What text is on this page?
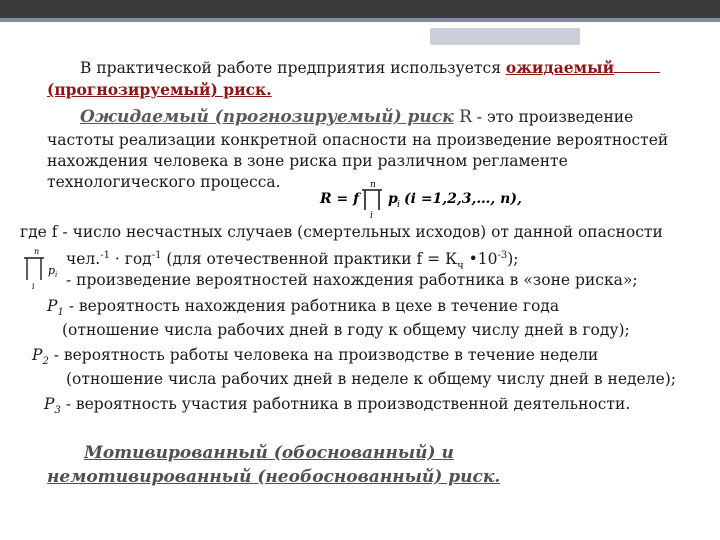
В практической работе предприятия используется ожидаемый
(прогнозируемый) риск.
Ожидаемый (прогнозируемый) риск R - это произведение
частоты реализации конкретной опасности на произведение вероятностей
нахождения человека в зоне риска при различном регламенте
технологического процесса.
R = f
n
i
p i (i =1,2,3,…, n),
где f - число несчастных случаев (смертельных исходов) от данной опасности
n
p i
i
чел.$^{-1}$ · год$^{-1}$ (для отечественной практики $f = К_ч$ $•10^{-3}$);
- произведение вероятностей нахождения работника в «зоне риска»;
$Р_1$ - вероятность нахождения работника в цехе в течение года
(отношение числа рабочих дней в году к общему числу дней в году);
$Р_2$ - вероятность работы человека на производстве в течение недели
(отношение числа рабочих дней в неделе к общему числу дней в неделе);
$Р_3$ - вероятность участия работника в производственной деятельности.
Мотивированный (обоснованный) и
немотивированный (необоснованный) риск.
